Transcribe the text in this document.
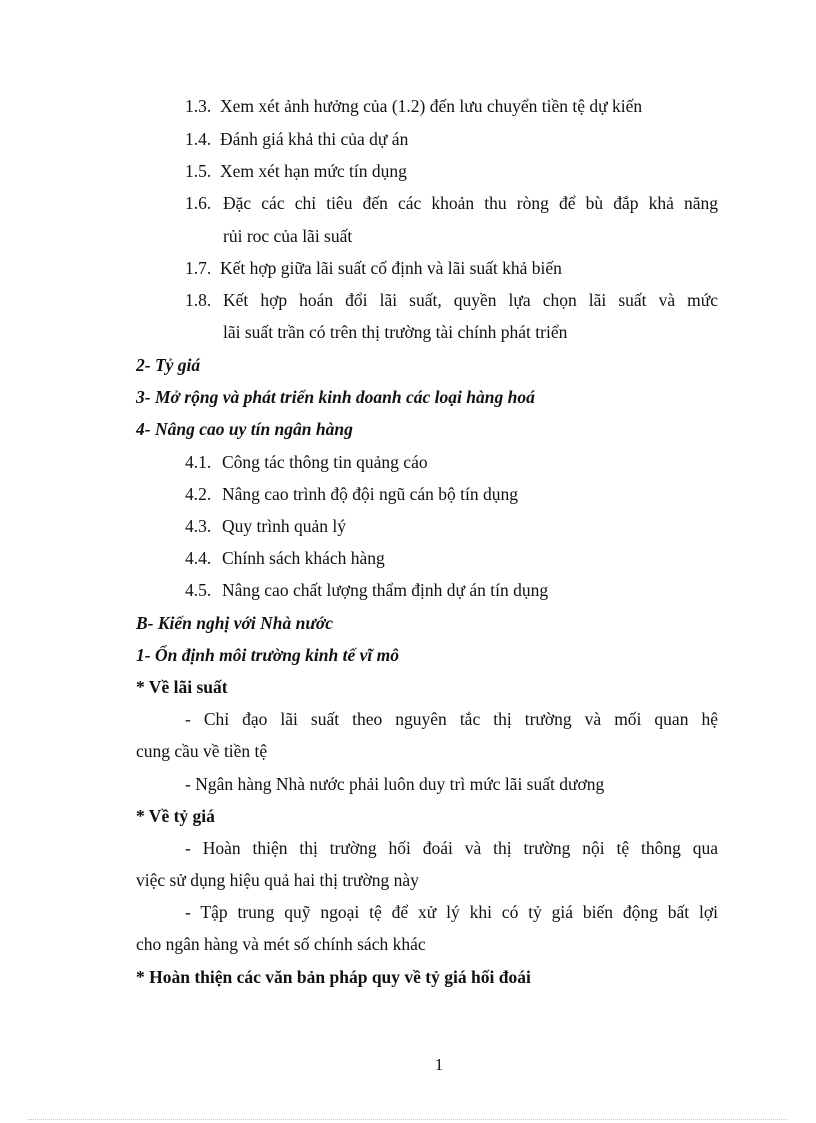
1.3. Xem xét ảnh hưởng của (1.2) đến lưu chuyển tiền tệ dự kiến
1.4. Đánh giá khả thi của dự án
1.5. Xem xét hạn mức tín dụng
1.6. Đặc các chỉ tiêu đến các khoản thu ròng để bù đắp khả năng
rủi roc của lãi suất
1.7. Kết hợp giữa lãi suất cố định và lãi suất khả biến
1.8. Kết hợp hoán đổi lãi suất, quyền lựa chọn lãi suất và mức
lãi suất trần có trên thị trường tài chính phát triển
2- Tỷ giá
3- Mở rộng và phát triển kinh doanh các loại hàng hoá
4- Nâng cao uy tín ngân hàng
4.1. Công tác thông tin quảng cáo
4.2. Nâng cao trình độ đội ngũ cán bộ tín dụng
4.3. Quy trình quản lý
4.4. Chính sách khách hàng
4.5. Nâng cao chất lượng thẩm định dự án tín dụng
B- Kiến nghị với Nhà nước
1- Ổn định môi trường kinh tế vĩ mô
* Về lãi suất
- Chỉ đạo lãi suất theo nguyên tắc thị trường và mối quan hệ
cung cầu về tiền tệ
- Ngân hàng Nhà nước phải luôn duy trì mức lãi suất dương
* Về tỷ giá
- Hoàn thiện thị trường hối đoái và thị trường nội tệ thông qua
việc sử dụng hiệu quả hai thị trường này
- Tập trung quỹ ngoại tệ để xử lý khi có tỷ giá biến động bất lợi
cho ngân hàng và mét số chính sách khác
* Hoàn thiện các văn bản pháp quy về tỷ giá hối đoái
1
